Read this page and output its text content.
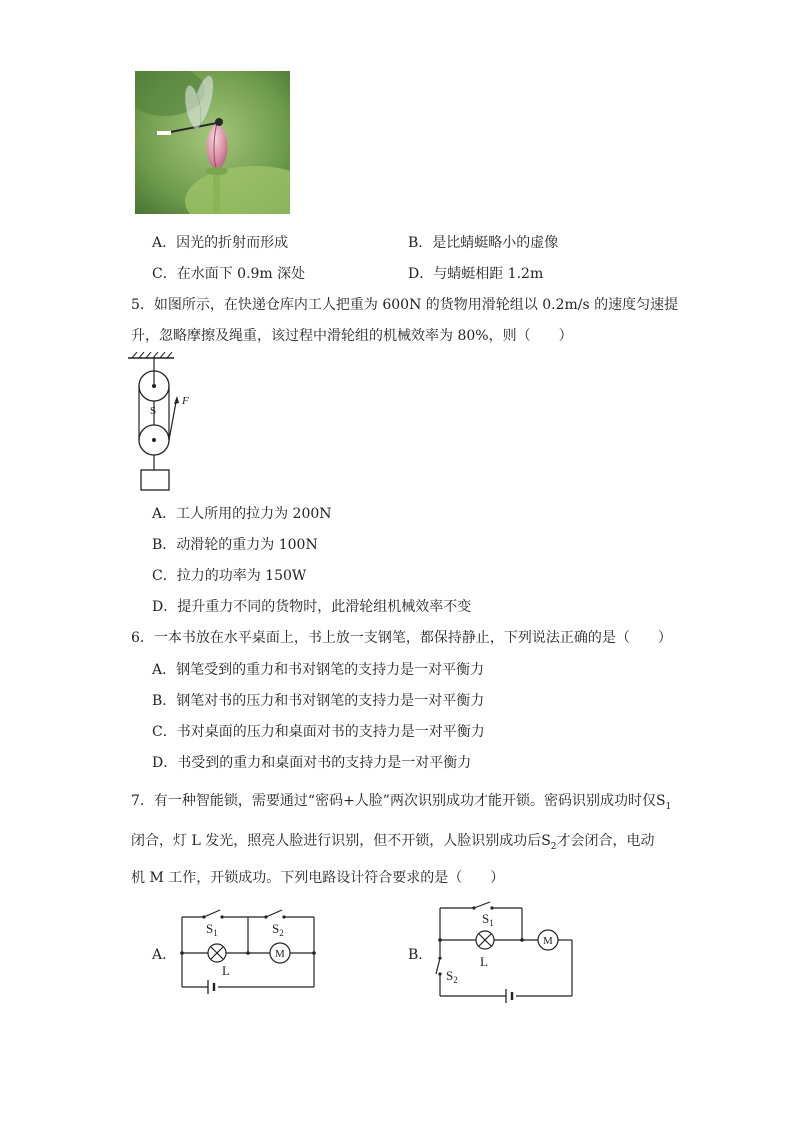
A．因光的折射而形成	B．是比蜻蜓略小的虚像
C．在水面下 0.9m 深处	D．与蜻蜓相距 1.2m
5．如图所示，在快递仓库内工人把重为 600N 的货物用滑轮组以 0.2m/s 的速度匀速提
升，忽略摩擦及绳重，该过程中滑轮组的机械效率为 80%，则（　　）
S
F
A．工人所用的拉力为 200N
B．动滑轮的重力为 100N
C．拉力的功率为 150W
D．提升重力不同的货物时，此滑轮组机械效率不变
6．一本书放在水平桌面上，书上放一支钢笔，都保持静止，下列说法正确的是（　　）
A．钢笔受到的重力和书对钢笔的支持力是一对平衡力
B．钢笔对书的压力和书对钢笔的支持力是一对平衡力
C．书对桌面的压力和桌面对书的支持力是一对平衡力
D．书受到的重力和桌面对书的支持力是一对平衡力
7．有一种智能锁，需要通过“密码+人脸”两次识别成功才能开锁。密码识别成功时仅$S_1$
闭合，灯 L 发光，照亮人脸进行识别，但不开锁，人脸识别成功后$S_2$才会闭合，电动
机 M 工作，开锁成功。下列电路设计符合要求的是（　　）
A．
$S_1$	$S_2$
L
M	B．
$S_1$
$S_2$
L
M
